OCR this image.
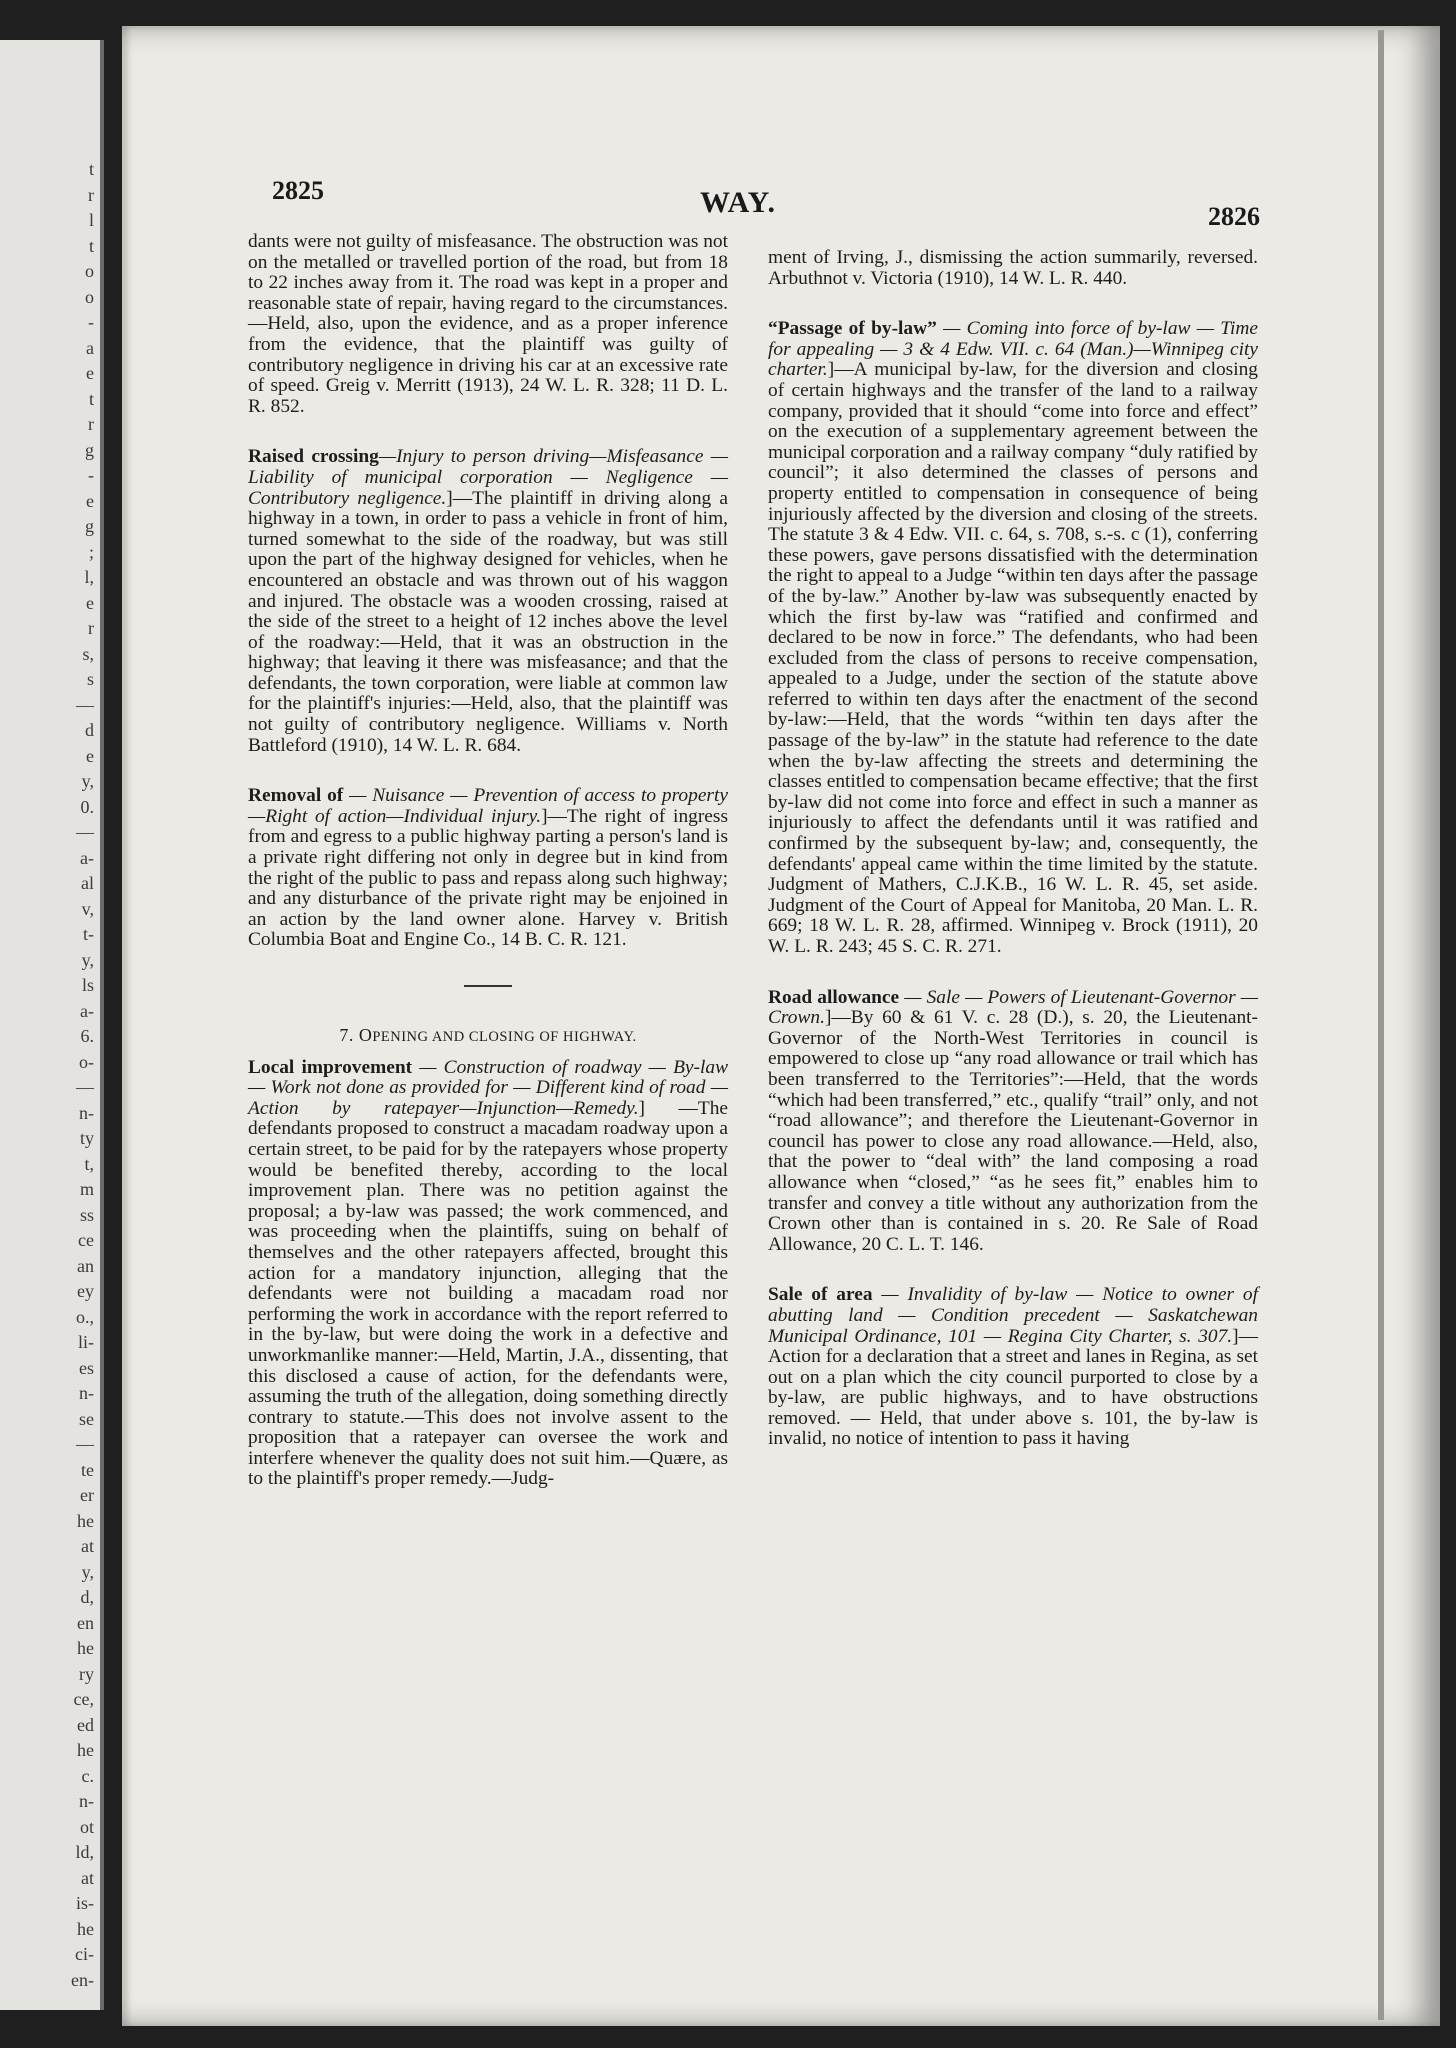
t
r
l
t
o
o
-
a
e
t
r
g
-
e
g
;
l,
e
r
s,
s
—
d
e
y,
0.
—
a-
al
v,
t-
y,
ls
a-
6.
o-
—
n-
ty
t,
m
ss
ce
an
ey
o.,
li-
es
n-
se
—
te
er
he
at
y,
d,
en
he
ry
ce,
ed
he
c.
n-
ot
ld,
at
is-
he
ci-
en-
2825	WAY.	2826

dants were not guilty of misfeasance. The obstruction was not on the metalled or travelled portion of the road, but from 18 to 22 inches away from it. The road was kept in a proper and reasonable state of repair, having regard to the circumstances. —Held, also, upon the evidence, and as a proper inference from the evidence, that the plaintiff was guilty of contributory negligence in driving his car at an excessive rate of speed. Greig v. Merritt (1913), 24 W. L. R. 328; 11 D. L. R. 852.

Raised crossing—Injury to person driving—Misfeasance — Liability of municipal corporation — Negligence — Contributory negligence.]—The plaintiff in driving along a highway in a town, in order to pass a vehicle in front of him, turned somewhat to the side of the roadway, but was still upon the part of the highway designed for vehicles, when he encountered an obstacle and was thrown out of his waggon and injured. The obstacle was a wooden crossing, raised at the side of the street to a height of 12 inches above the level of the roadway:—Held, that it was an obstruction in the highway; that leaving it there was misfeasance; and that the defendants, the town corporation, were liable at common law for the plaintiff's injuries:—Held, also, that the plaintiff was not guilty of contributory negligence. Williams v. North Battleford (1910), 14 W. L. R. 684.

Removal of — Nuisance — Prevention of access to property—Right of action—Individual injury.]—The right of ingress from and egress to a public highway parting a person's land is a private right differing not only in degree but in kind from the right of the public to pass and repass along such highway; and any disturbance of the private right may be enjoined in an action by the land owner alone. Harvey v. British Columbia Boat and Engine Co., 14 B. C. R. 121.

7. OPENING AND CLOSING OF HIGHWAY.

Local improvement — Construction of roadway — By-law — Work not done as provided for — Different kind of road — Action by ratepayer—Injunction—Remedy.] —The defendants proposed to construct a macadam roadway upon a certain street, to be paid for by the ratepayers whose property would be benefited thereby, according to the local improvement plan. There was no petition against the proposal; a by-law was passed; the work commenced, and was proceeding when the plaintiffs, suing on behalf of themselves and the other ratepayers affected, brought this action for a mandatory injunction, alleging that the defendants were not building a macadam road nor performing the work in accordance with the report referred to in the by-law, but were doing the work in a defective and unworkmanlike manner:—Held, Martin, J.A., dissenting, that this disclosed a cause of action, for the defendants were, assuming the truth of the allegation, doing something directly contrary to statute.—This does not involve assent to the proposition that a ratepayer can oversee the work and interfere whenever the quality does not suit him.—Quære, as to the plaintiff's proper remedy.—Judg-

ment of Irving, J., dismissing the action summarily, reversed. Arbuthnot v. Victoria (1910), 14 W. L. R. 440.

“Passage of by-law” — Coming into force of by-law — Time for appealing — 3 & 4 Edw. VII. c. 64 (Man.)—Winnipeg city charter.]—A municipal by-law, for the diversion and closing of certain highways and the transfer of the land to a railway company, provided that it should “come into force and effect” on the execution of a supplementary agreement between the municipal corporation and a railway company “duly ratified by council”; it also determined the classes of persons and property entitled to compensation in consequence of being injuriously affected by the diversion and closing of the streets. The statute 3 & 4 Edw. VII. c. 64, s. 708, s.-s. c (1), conferring these powers, gave persons dissatisfied with the determination the right to appeal to a Judge “within ten days after the passage of the by-law.” Another by-law was subsequently enacted by which the first by-law was “ratified and confirmed and declared to be now in force.” The defendants, who had been excluded from the class of persons to receive compensation, appealed to a Judge, under the section of the statute above referred to within ten days after the enactment of the second by-law:—Held, that the words “within ten days after the passage of the by-law” in the statute had reference to the date when the by-law affecting the streets and determining the classes entitled to compensation became effective; that the first by-law did not come into force and effect in such a manner as injuriously to affect the defendants until it was ratified and confirmed by the subsequent by-law; and, consequently, the defendants' appeal came within the time limited by the statute. Judgment of Mathers, C.J.K.B., 16 W. L. R. 45, set aside. Judgment of the Court of Appeal for Manitoba, 20 Man. L. R. 669; 18 W. L. R. 28, affirmed. Winnipeg v. Brock (1911), 20 W. L. R. 243; 45 S. C. R. 271.

Road allowance — Sale — Powers of Lieutenant-Governor — Crown.]—By 60 & 61 V. c. 28 (D.), s. 20, the Lieutenant-Governor of the North-West Territories in council is empowered to close up “any road allowance or trail which has been transferred to the Territories”:—Held, that the words “which had been transferred,” etc., qualify “trail” only, and not “road allowance”; and therefore the Lieutenant-Governor in council has power to close any road allowance.—Held, also, that the power to “deal with” the land composing a road allowance when “closed,” “as he sees fit,” enables him to transfer and convey a title without any authorization from the Crown other than is contained in s. 20. Re Sale of Road Allowance, 20 C. L. T. 146.

Sale of area — Invalidity of by-law — Notice to owner of abutting land — Condition precedent — Saskatchewan Municipal Ordinance, 101 — Regina City Charter, s. 307.]—Action for a declaration that a street and lanes in Regina, as set out on a plan which the city council purported to close by a by-law, are public highways, and to have obstructions removed. — Held, that under above s. 101, the by-law is invalid, no notice of intention to pass it having
